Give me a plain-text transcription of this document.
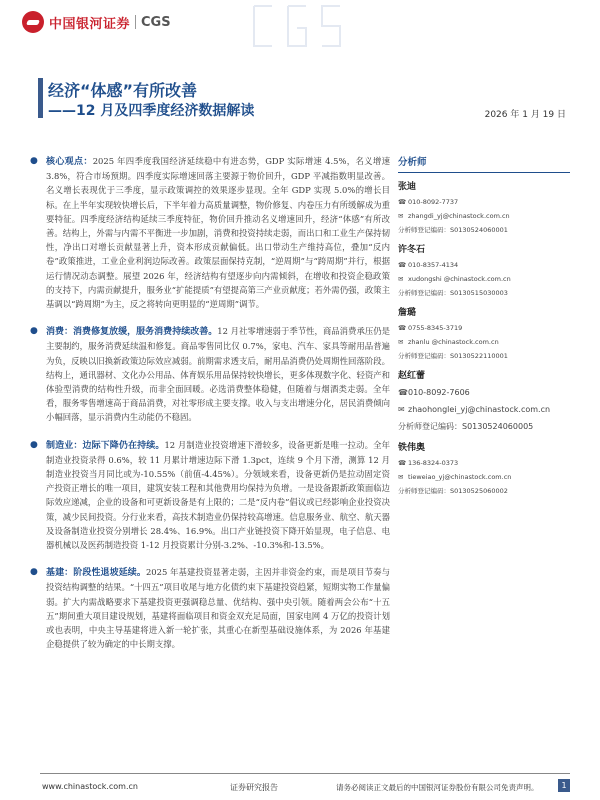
中国银河证券 CGS
经济“体感”有所改善
——12 月及四季度经济数据解读	2026 年 1 月 19 日
● 核心观点：2025 年四季度我国经济延续稳中有进态势，GDP 实际增速 4.5%，名义增速 3.8%，符合市场预期。四季度实际增速回落主要源于物价回升，GDP 平减指数明显改善。名义增长表现优于三季度，显示政策调控的效果逐步显现。全年 GDP 实现 5.0%的增长目标。在上半年实现较快增长后，下半年着力高质量调整，物价修复、内卷压力有所缓解成为重要特征。四季度经济结构延续三季度特征，物价回升推动名义增速回升，经济“体感”有所改善。结构上，外需与内需不平衡进一步加剧，消费和投资持续走弱，而出口和工业生产保持韧性，净出口对增长贡献显著上升，资本形成贡献偏低。出口带动生产维持高位，叠加“反内卷”政策推进，工业企业利润边际改善。政策层面保持克制，“逆周期”与“跨周期”并行，根据运行情况动态调整。展望 2026 年，经济结构有望逐步向内需倾斜，在增收和投资企稳政策的支持下，内需贡献提升，服务业“扩能提质”有望提高第三产业贡献度；若外需仍强，政策主基调以“跨周期”为主，反之将转向更明显的“逆周期”调节。
● 消费：消费修复放缓，服务消费持续改善。12 月社零增速弱于季节性，商品消费承压仍是主要制约，服务消费延续温和修复。商品零售同比仅 0.7%，家电、汽车、家具等耐用品普遍为负，反映以旧换新政策边际效应减弱。前期需求透支后，耐用品消费仍处周期性回落阶段。结构上，通讯器材、文化办公用品、体育娱乐用品保持较快增长，更多体现数字化、轻资产和体验型消费的结构性升级，而非全面回暖。必选消费整体稳健，但随着与烟酒类走弱。全年看，服务零售增速高于商品消费，对社零形成主要支撑。收入与支出增速分化，居民消费倾向小幅回落，显示消费内生动能仍不稳固。
● 制造业：边际下降仍在持续。12 月制造业投资增速下滑较多，设备更新是唯一拉动。全年制造业投资录得 0.6%，较 11 月累计增速边际下滑 1.3pct，连续 9 个月下滑，测算 12 月制造业投资当月同比或为-10.55%（前值-4.45%）。分领域来看，设备更新仍是拉动固定资产投资正增长的唯一项目，建筑安装工程和其他费用均保持为负增。一是设备跟新政策面临边际效应递减，企业的设备和可更新设备是有上限的；二是“反内卷”倡议或已经影响企业投资决策，减少民间投资。分行业来看，高技术制造业仍保持较高增速。信息服务业、航空、航天器及设备制造业投资分别增长 28.4%、16.9%。出口产业链投资下降开始显现，电子信息、电器机械以及医药制造投资 1-12 月投资累计分别-3.2%、-10.3%和-13.5%。
● 基建：阶段性退坡延续。2025 年基建投资显著走弱，主因并非资金约束，而是项目节奏与投资结构调整的结果。“十四五”项目收尾与地方化债约束下基建投资趋紧，短期实物工作量偏弱。扩大内需战略要求下基建投资更强调稳总量、优结构、强中央引领。随着两会公布“十五五”期间重大项目建设规划，基建将面临项目和资金双充足局面，国家电网 4 万亿的投资计划或也表明，中央主导基建将进入新一轮扩张，其重心在新型基础设施体系，为 2026 年基建企稳提供了较为确定的中长期支撑。
分析师
张迪
☎ 010-8092-7737
✉ zhangdi_yj@chinastock.com.cn
分析师登记编码：S0130524060001
许冬石
☎ 010-8357-4134
✉ xudongshi @chinastock.com.cn
分析师登记编码：S0130515030003
詹璐
☎ 0755-8345-3719
✉ zhanlu @chinastock.com.cn
分析师登记编码：S0130522110001
赵红蕾
☎010-8092-7606
✉ zhaohonglei_yj@chinastock.com.cn
分析师登记编码：S0130524060005
铁伟奥
☎ 136-8324-0373
✉ tieweiao_yj@chinastock.com.cn
分析师登记编码：S0130525060002
www.chinastock.com.cn	证券研究报告	请务必阅读正文最后的中国银河证券股份有限公司免责声明。	1
